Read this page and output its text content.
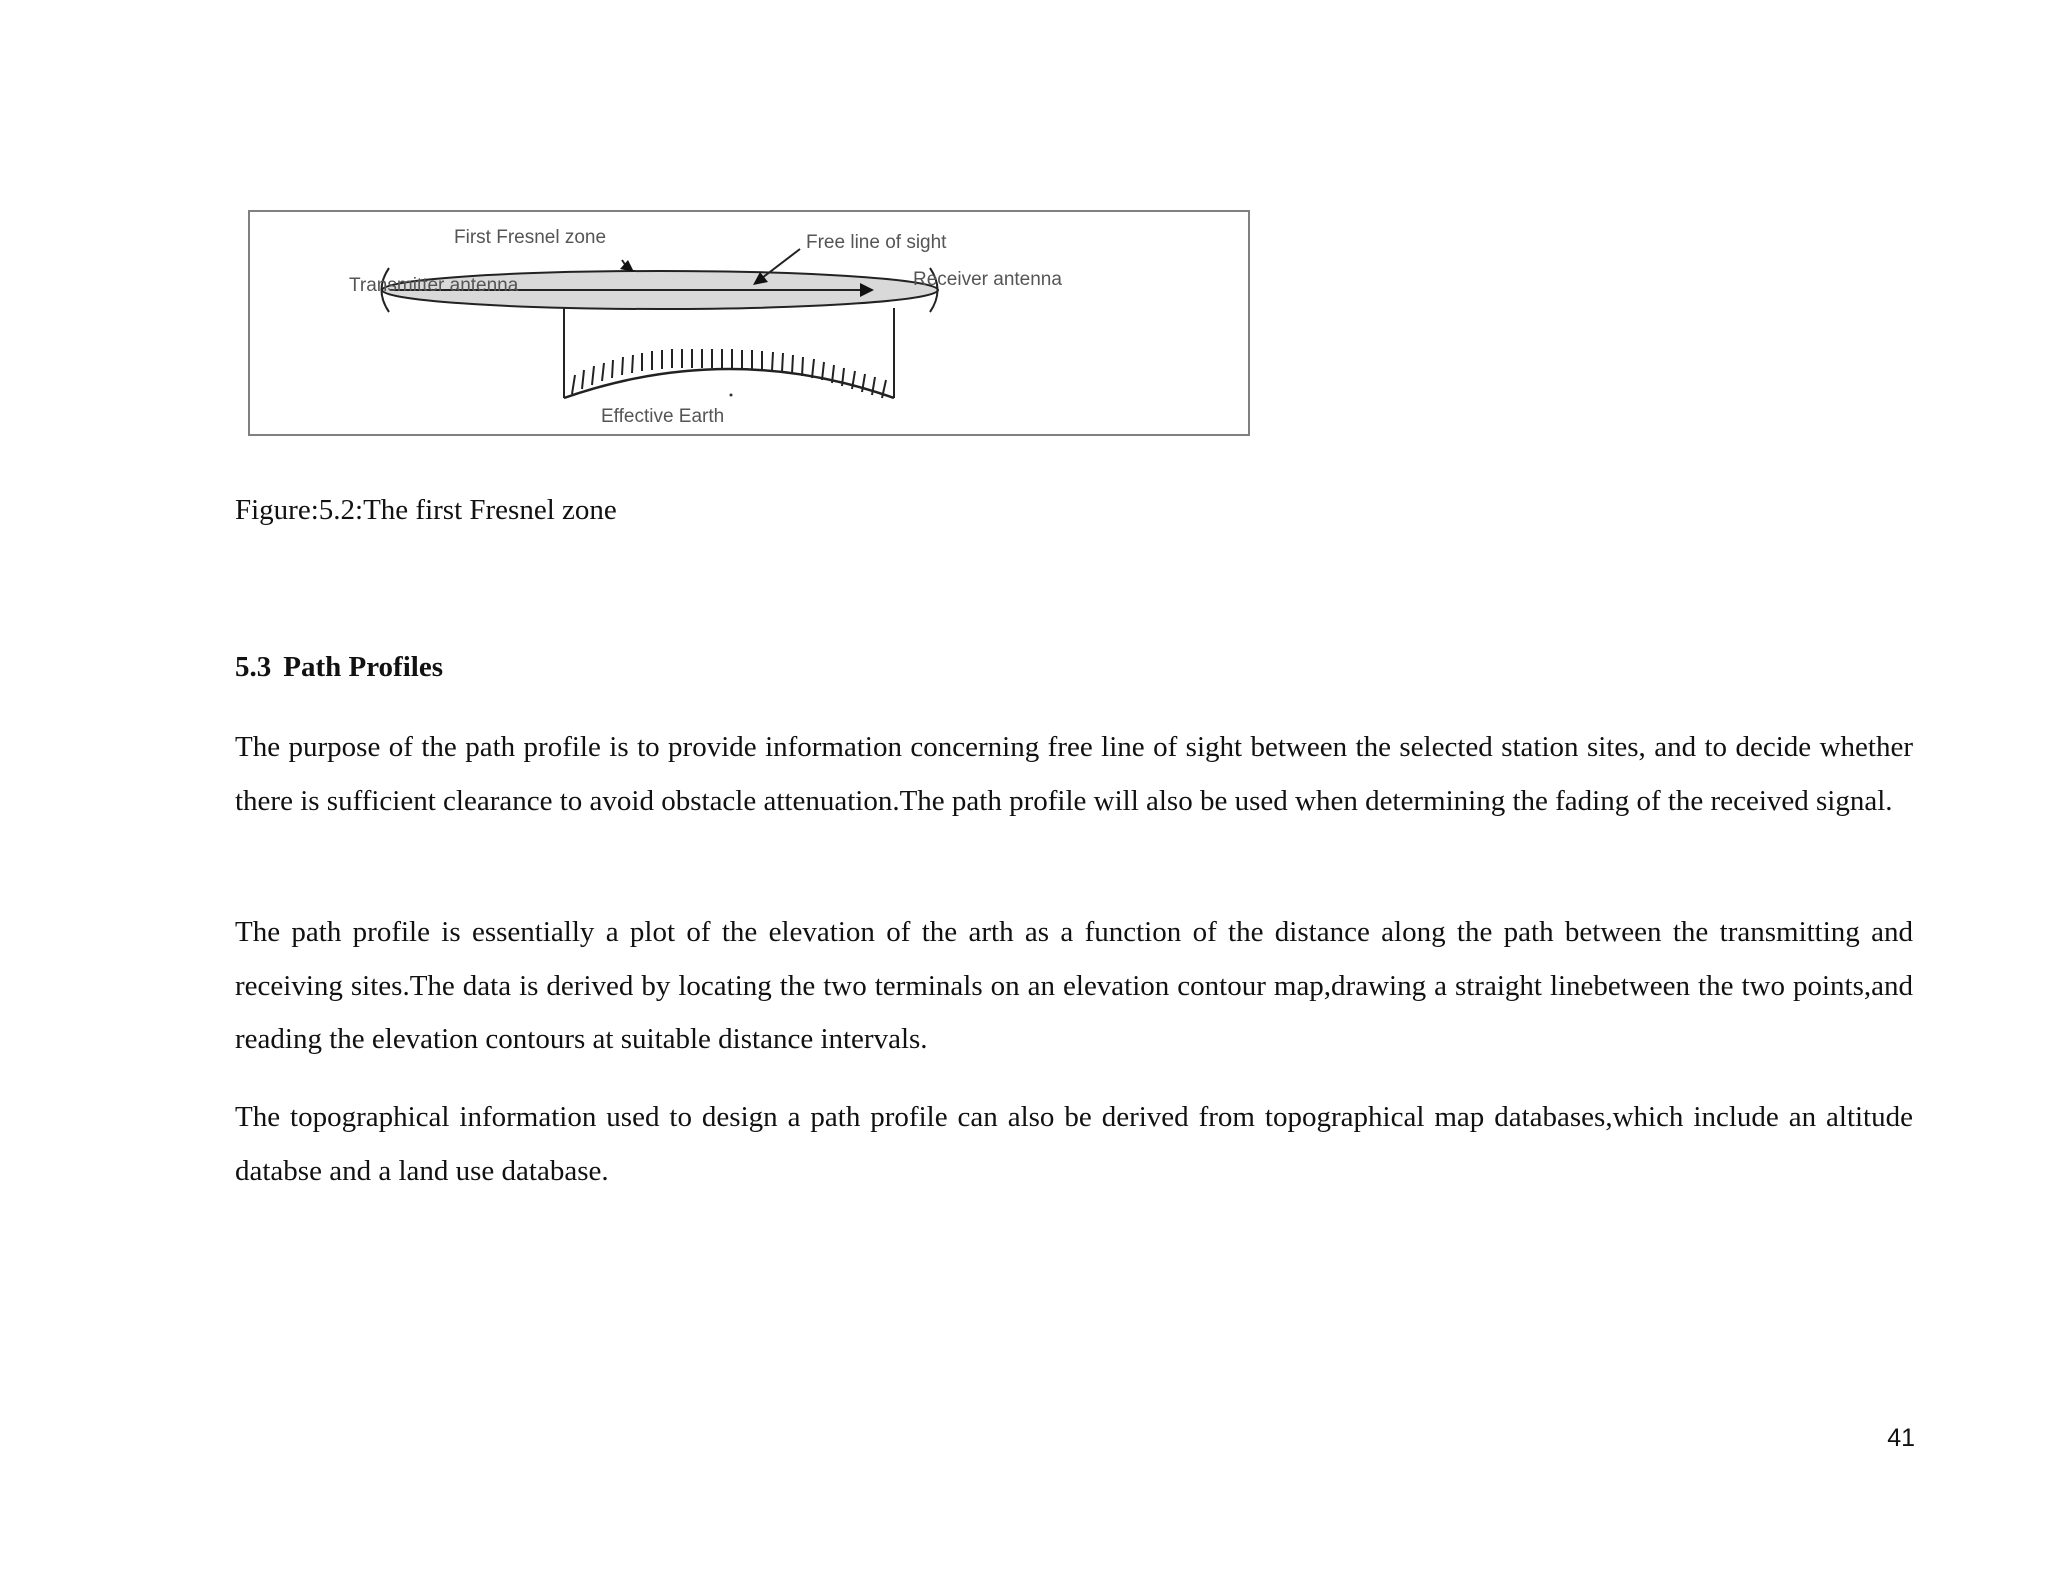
First Fresnel zone	Free line of sight
Transmitter antenna	Receiver antenna
Effective Earth

Figure:5.2:The first Fresnel zone

5.3 Path Profiles

The purpose of the path profile is to provide information concerning free line of sight between the selected station sites, and to decide whether there is sufficient clearance to avoid obstacle attenuation.The path profile will also be used when determining the fading of the received signal.

The path profile is essentially a plot of the elevation of the arth as a function of the distance along the path between the transmitting and receiving sites.The data is derived by locating the two terminals on an elevation contour map,drawing a straight linebetween the two points,and reading the elevation contours at suitable distance intervals.

The topographical information used to design a path profile can also be derived from topographical map databases,which include an altitude databse and a land use database.

41
